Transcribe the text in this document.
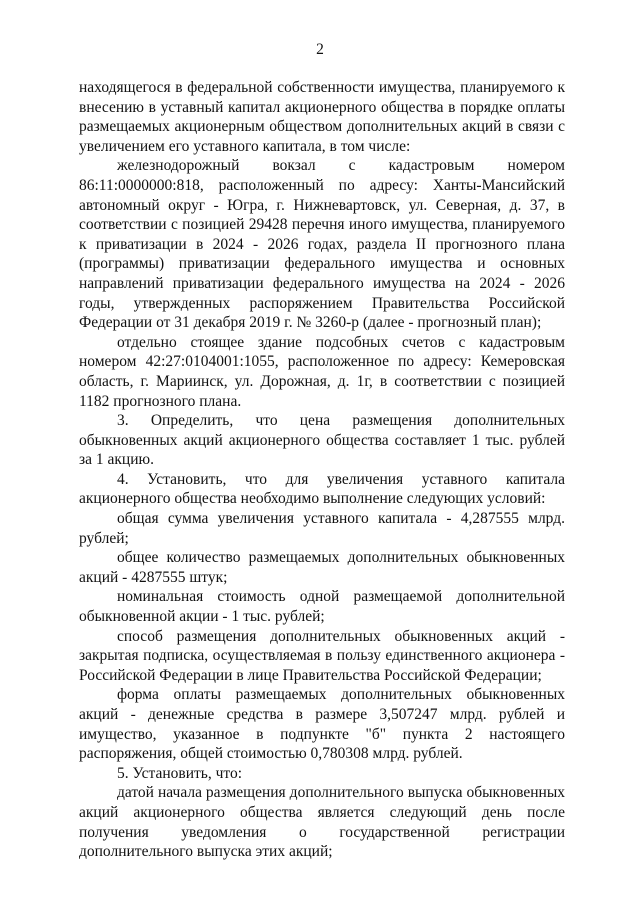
2

находящегося в федеральной собственности имущества, планируемого к внесению в уставный капитал акционерного общества в порядке оплаты размещаемых акционерным обществом дополнительных акций в связи с увеличением его уставного капитала, в том числе:

железнодорожный вокзал с кадастровым номером 86:11:0000000:818, расположенный по адресу: Ханты-Мансийский автономный округ - Югра, г. Нижневартовск, ул. Северная, д. 37, в соответствии с позицией 29428 перечня иного имущества, планируемого к приватизации в 2024 - 2026 годах, раздела II прогнозного плана (программы) приватизации федерального имущества и основных направлений приватизации федерального имущества на 2024 - 2026 годы, утвержденных распоряжением Правительства Российской Федерации от 31 декабря 2019 г. № 3260-р (далее - прогнозный план);

отдельно стоящее здание подсобных счетов с кадастровым номером 42:27:0104001:1055, расположенное по адресу: Кемеровская область, г. Мариинск, ул. Дорожная, д. 1г, в соответствии с позицией 1182 прогнозного плана.

3. Определить, что цена размещения дополнительных обыкновенных акций акционерного общества составляет 1 тыс. рублей за 1 акцию.

4. Установить, что для увеличения уставного капитала акционерного общества необходимо выполнение следующих условий:

общая сумма увеличения уставного капитала - 4,287555 млрд. рублей;

общее количество размещаемых дополнительных обыкновенных акций - 4287555 штук;

номинальная стоимость одной размещаемой дополнительной обыкновенной акции - 1 тыс. рублей;

способ размещения дополнительных обыкновенных акций - закрытая подписка, осуществляемая в пользу единственного акционера - Российской Федерации в лице Правительства Российской Федерации;

форма оплаты размещаемых дополнительных обыкновенных акций - денежные средства в размере 3,507247 млрд. рублей и имущество, указанное в подпункте "б" пункта 2 настоящего распоряжения, общей стоимостью 0,780308 млрд. рублей.

5. Установить, что:

датой начала размещения дополнительного выпуска обыкновенных акций акционерного общества является следующий день после получения уведомления о государственной регистрации дополнительного выпуска этих акций;
